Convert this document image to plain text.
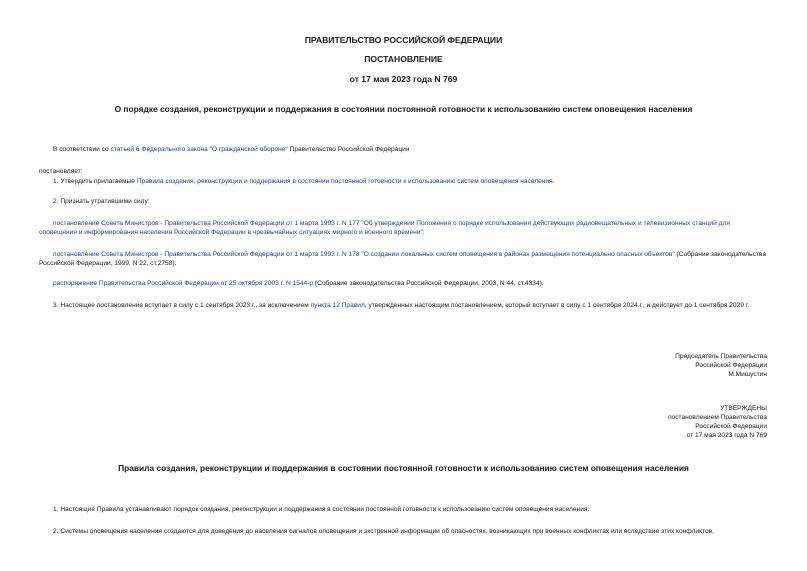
ПРАВИТЕЛЬСТВО РОССИЙСКОЙ ФЕДЕРАЦИИ
ПОСТАНОВЛЕНИЕ
от 17 мая 2023 года N 769
О порядке создания, реконструкции и поддержания в состоянии постоянной готовности к использованию систем оповещения населения
В соответствии со статьей 6 Федерального закона "О гражданской обороне" Правительство Российской Федерации
постановляет:
1. Утвердить прилагаемые Правила создания, реконструкции и поддержания в состоянии постоянной готовности к использованию систем оповещения населения.
2. Признать утратившими силу:
постановление Совета Министров - Правительства Российской Федерации от 1 марта 1993 г. N 177 "Об утверждении Положения о порядке использования действующих радиовещательных и телевизионных станций для оповещения и информирования населения Российской Федерации в чрезвычайных ситуациях мирного и военного времени";
постановление Совета Министров - Правительства Российской Федерации от 1 марта 1993 г. N 178 "О создании локальных систем оповещения в районах размещения потенциально опасных объектов" (Собрание законодательства Российской Федерации, 1999, N 22, ст.2758);
распоряжение Правительства Российской Федерации от 25 октября 2003 г. N 1544-р (Собрание законодательства Российской Федерации, 2003, N 44, ст.4334).
3. Настоящее постановление вступает в силу с 1 сентября 2023 г., за исключением пункта 12 Правил, утвержденных настоящим постановлением, который вступает в силу с 1 сентября 2024 г., и действует до 1 сентября 2029 г.
Председатель Правительства
Российской Федерации
М.Мишустин
УТВЕРЖДЕНЫ
постановлением Правительства
Российской Федерации
от 17 мая 2023 года N 769
Правила создания, реконструкции и поддержания в состоянии постоянной готовности к использованию систем оповещения населения
1. Настоящие Правила устанавливают порядок создания, реконструкции и поддержания в состоянии постоянной готовности к использованию систем оповещения населения.
2. Системы оповещения населения создаются для доведения до населения сигналов оповещения и экстренной информации об опасностях, возникающих при военных конфликтах или вследствие этих конфликтов,
